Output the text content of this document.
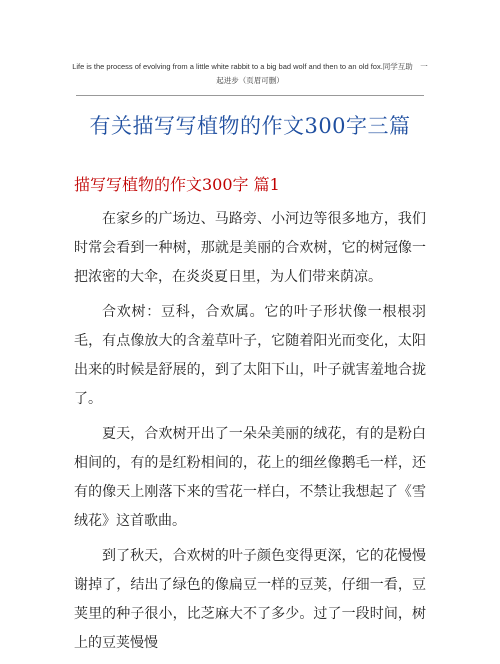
Life is the process of evolving from a little white rabbit to a big bad wolf and then to an old fox.同学互助　一起进步（页眉可删）
有关描写写植物的作文300字三篇
描写写植物的作文300字 篇1

在家乡的广场边、马路旁、小河边等很多地方，我们时常会看到一种树，那就是美丽的合欢树，它的树冠像一把浓密的大伞，在炎炎夏日里，为人们带来荫凉。

合欢树：豆科，合欢属。它的叶子形状像一根根羽毛，有点像放大的含羞草叶子，它随着阳光而变化，太阳出来的时候是舒展的，到了太阳下山，叶子就害羞地合拢了。

夏天，合欢树开出了一朵朵美丽的绒花，有的是粉白相间的，有的是红粉相间的，花上的细丝像鹅毛一样，还有的像天上刚落下来的雪花一样白，不禁让我想起了《雪绒花》这首歌曲。

到了秋天，合欢树的叶子颜色变得更深，它的花慢慢谢掉了，结出了绿色的像扁豆一样的豆荚，仔细一看，豆荚里的种子很小，比芝麻大不了多少。过了一段时间，树上的豆荚慢慢
